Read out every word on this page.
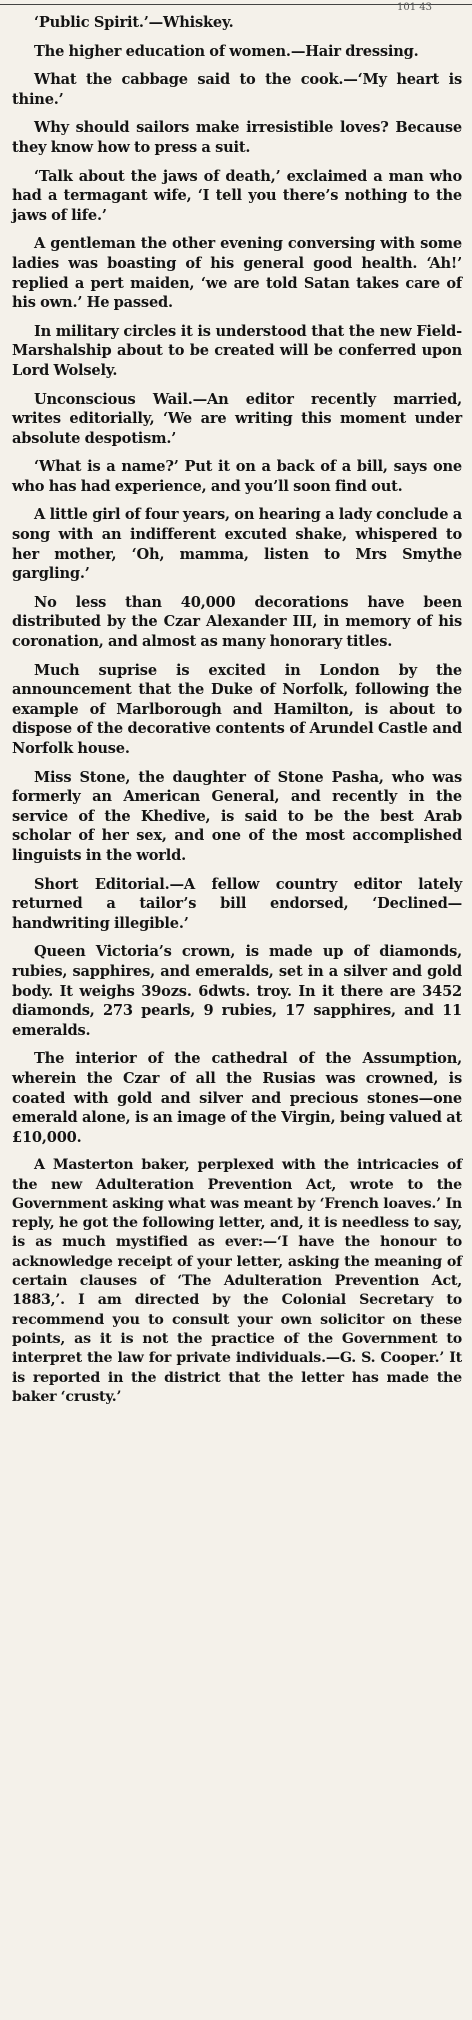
101 43

‘Public Spirit.’—Whiskey.

The higher education of women.—Hair dressing.

What the cabbage said to the cook.—‘My heart is thine.’

Why should sailors make irresistible loves? Because they know how to press a suit.

‘Talk about the jaws of death,’ exclaimed a man who had a termagant wife, ‘I tell you there’s nothing to the jaws of life.’

A gentleman the other evening conversing with some ladies was boasting of his general good health. ‘Ah!’ replied a pert maiden, ‘we are told Satan takes care of his own.’ He passed.

In military circles it is understood that the new Field-Marshalship about to be created will be conferred upon Lord Wolsely.

Unconscious Wail.—An editor recently married, writes editorially, ‘We are writing this moment under absolute despotism.’

‘What is a name?’ Put it on a back of a bill, says one who has had experience, and you’ll soon find out.

A little girl of four years, on hearing a lady conclude a song with an indifferent excuted shake, whispered to her mother, ‘Oh, mamma, listen to Mrs Smythe gargling.’

No less than 40,000 decorations have been distributed by the Czar Alexander III, in memory of his coronation, and almost as many honorary titles.

Much suprise is excited in London by the announcement that the Duke of Norfolk, following the example of Marlborough and Hamilton, is about to dispose of the decorative contents of Arundel Castle and Norfolk house.

Miss Stone, the daughter of Stone Pasha, who was formerly an American General, and recently in the service of the Khedive, is said to be the best Arab scholar of her sex, and one of the most accomplished linguists in the world.

Short Editorial.—A fellow country editor lately returned a tailor’s bill endorsed, ‘Declined—handwriting illegible.’

Queen Victoria’s crown, is made up of diamonds, rubies, sapphires, and emeralds, set in a silver and gold body. It weighs 39ozs. 6dwts. troy. In it there are 3452 diamonds, 273 pearls, 9 rubies, 17 sapphires, and 11 emeralds.

The interior of the cathedral of the Assumption, wherein the Czar of all the Rusias was crowned, is coated with gold and silver and precious stones—one emerald alone, is an image of the Virgin, being valued at £10,000.

A Masterton baker, perplexed with the intricacies of the new Adulteration Prevention Act, wrote to the Government asking what was meant by ‘French loaves.’ In reply, he got the following letter, and, it is needless to say, is as much mystified as ever:—‘I have the honour to acknowledge receipt of your letter, asking the meaning of certain clauses of ‘The Adulteration Prevention Act, 1883,’. I am directed by the Colonial Secretary to recommend you to consult your own solicitor on these points, as it is not the practice of the Government to interpret the law for private individuals.—G. S. Cooper.’ It is reported in the district that the letter has made the baker ‘crusty.’
